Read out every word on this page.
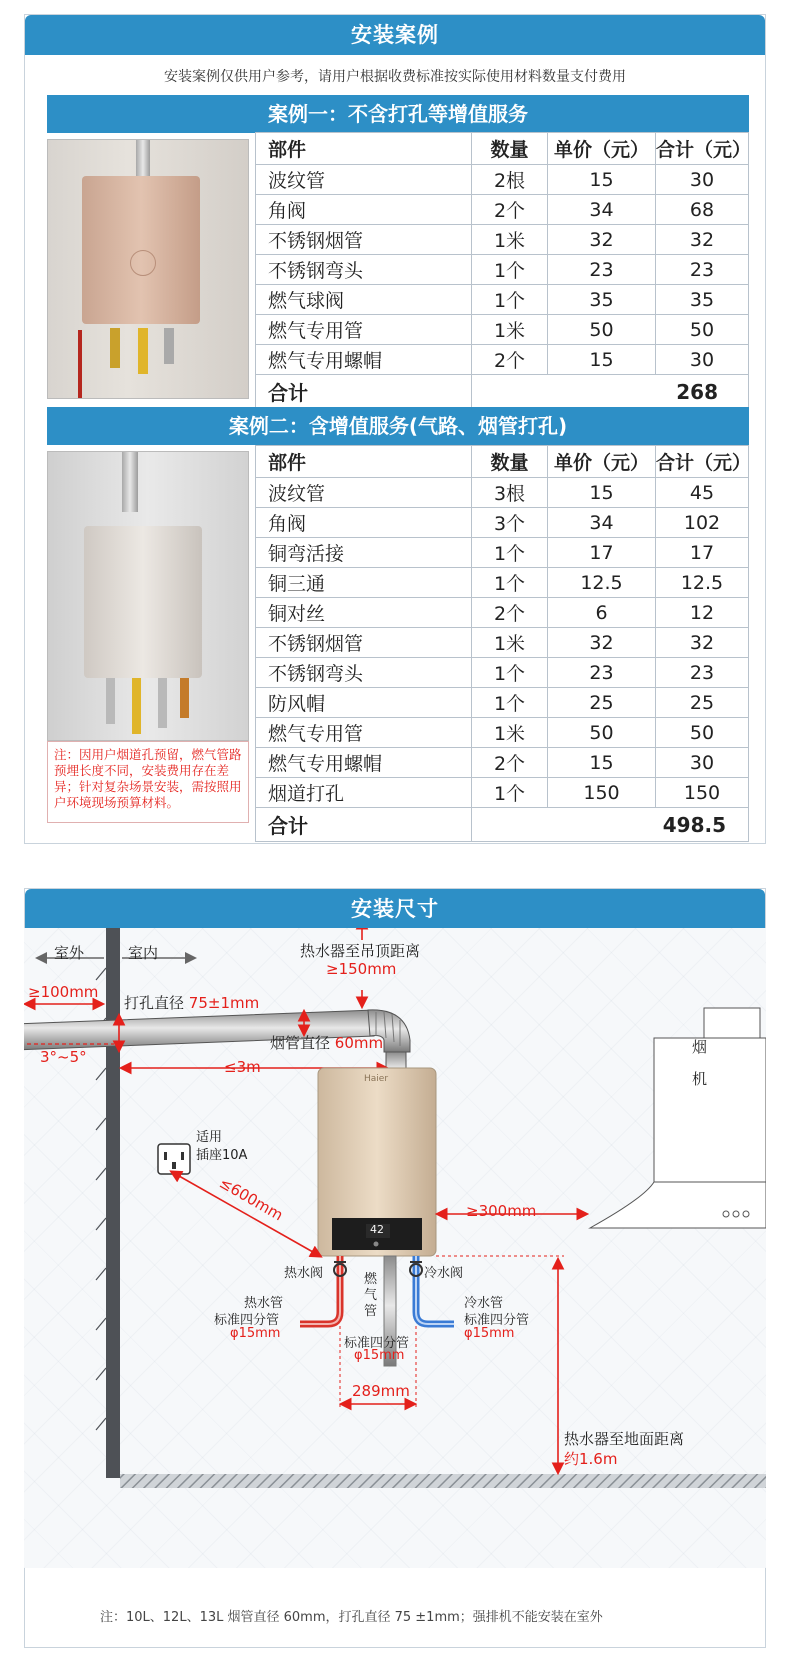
安装案例
安装案例仅供用户参考，请用户根据收费标准按实际使用材料数量支付费用
案例一：不含打孔等增值服务
部件	数量	单价（元）	合计（元）
波纹管	2根	15	30
角阀	2个	34	68
不锈钢烟管	1米	32	32
不锈钢弯头	1个	23	23
燃气球阀	1个	35	35
燃气专用管	1米	50	50
燃气专用螺帽	2个	15	30
合计	268		
案例二：含增值服务(气路、烟管打孔)
注：因用户烟道孔预留，燃气管路预埋长度不同，安装费用存在差异；针对复杂场景安装，需按照用户环境现场预算材料。
部件	数量	单价（元）	合计（元）
波纹管	3根	15	45
角阀	3个	34	102
铜弯活接	1个	17	17
铜三通	1个	12.5	12.5
铜对丝	2个	6	12
不锈钢烟管	1米	32	32
不锈钢弯头	1个	23	23
防风帽	1个	25	25
燃气专用管	1米	50	50
燃气专用螺帽	2个	15	30
烟道打孔	1个	150	150
合计	498.5		
安装尺寸
室外	室内
≥100mm
打孔直径 75±1mm
烟管直径 60mm
3°~5°
≤3m
热水器至吊顶距离
≥150mm
烟
机
≥300mm
适用
插座10A
≤600mm
Haier
42
热水阀	冷水阀
热水管
标准四分管
φ15mm
冷水管
标准四分管
φ15mm
燃
气
管
标准四分管
φ15mm
289mm
热水器至地面距离
约1.6m
注：10L、12L、13L 烟管直径 60mm，打孔直径 75 ±1mm；强排机不能安装在室外
